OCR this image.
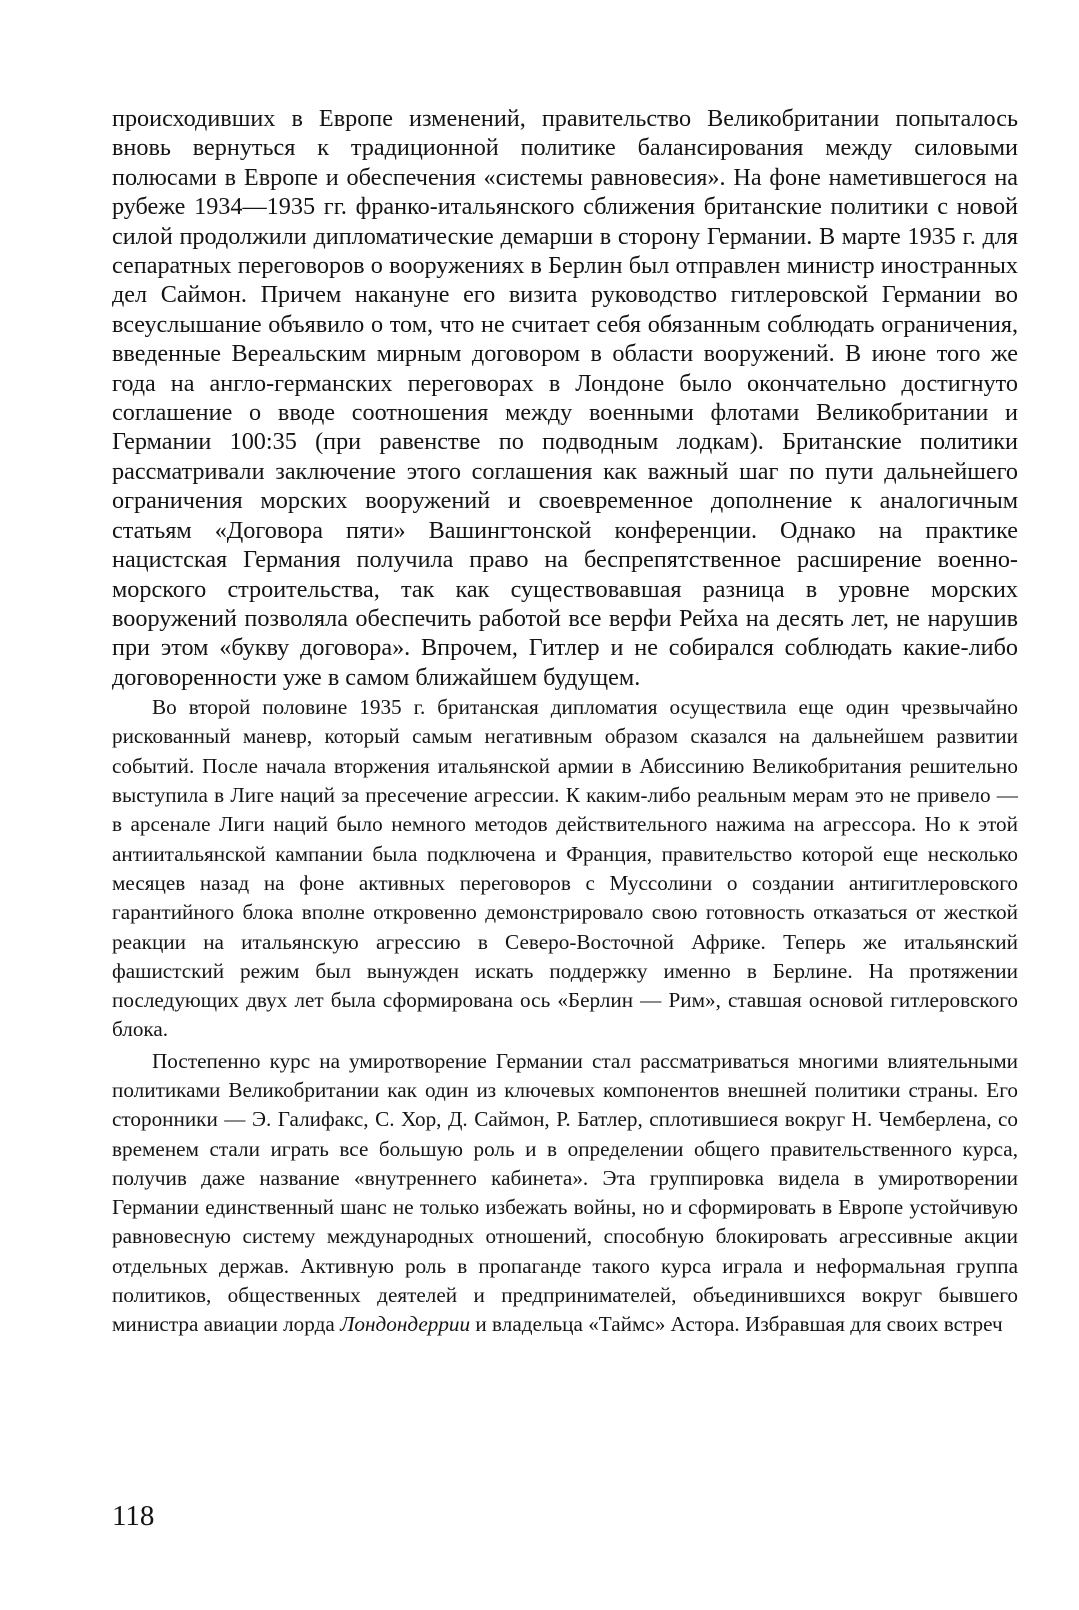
происходивших в Европе изменений, правительство Великобритании попыталось вновь вернуться к традиционной политике балансирования между силовыми полюсами в Европе и обеспечения «системы равновесия». На фоне наметившегося на рубеже 1934—1935 гг. франко-итальянского сближения британские политики с новой силой продолжили дипломатические демарши в сторону Германии. В марте 1935 г. для сепаратных переговоров о вооружениях в Берлин был отправлен министр иностранных дел Саймон. Причем накануне его визита руководство гитлеровской Германии во всеуслышание объявило о том, что не считает себя обязанным соблюдать ограничения, введенные Вереальским мирным договором в области вооружений. В июне того же года на англо-германских переговорах в Лондоне было окончательно достигнуто соглашение о вводе соотношения между военными флотами Великобритании и Германии 100:35 (при равенстве по подводным лодкам). Британские политики рассматривали заключение этого соглашения как важный шаг по пути дальнейшего ограничения морских вооружений и своевременное дополнение к аналогичным статьям «Договора пяти» Вашингтонской конференции. Однако на практике нацистская Германия получила право на беспрепятственное расширение военно-морского строительства, так как существовавшая разница в уровне морских вооружений позволяла обеспечить работой все верфи Рейха на десять лет, не нарушив при этом «букву договора». Впрочем, Гитлер и не собирался соблюдать какие-либо договоренности уже в самом ближайшем будущем.

Во второй половине 1935 г. британская дипломатия осуществила еще один чрезвычайно рискованный маневр, который самым негативным образом сказался на дальнейшем развитии событий. После начала вторжения итальянской армии в Абиссинию Великобритания решительно выступила в Лиге наций за пресечение агрессии. К каким-либо реальным мерам это не привело — в арсенале Лиги наций было немного методов действительного нажима на агрессора. Но к этой антиитальянской кампании была подключена и Франция, правительство которой еще несколько месяцев назад на фоне активных переговоров с Муссолини о создании антигитлеровского гарантийного блока вполне откровенно демонстрировало свою готовность отказаться от жесткой реакции на итальянскую агрессию в Северо-Восточной Африке. Теперь же итальянский фашистский режим был вынужден искать поддержку именно в Берлине. На протяжении последующих двух лет была сформирована ось «Берлин — Рим», ставшая основой гитлеровского блока.

Постепенно курс на умиротворение Германии стал рассматриваться многими влиятельными политиками Великобритании как один из ключевых компонентов внешней политики страны. Его сторонники — Э. Галифакс, С. Хор, Д. Саймон, Р. Батлер, сплотившиеся вокруг Н. Чемберлена, со временем стали играть все большую роль и в определении общего правительственного курса, получив даже название «внутреннего кабинета». Эта группировка видела в умиротворении Германии единственный шанс не только избежать войны, но и сформировать в Европе устойчивую равновесную систему международных отношений, способную блокировать агрессивные акции отдельных держав. Активную роль в пропаганде такого курса играла и неформальная группа политиков, общественных деятелей и предпринимателей, объединившихся вокруг бывшего министра авиации лорда Лондондеррии и владельца «Таймс» Астора. Избравшая для своих встреч

118
